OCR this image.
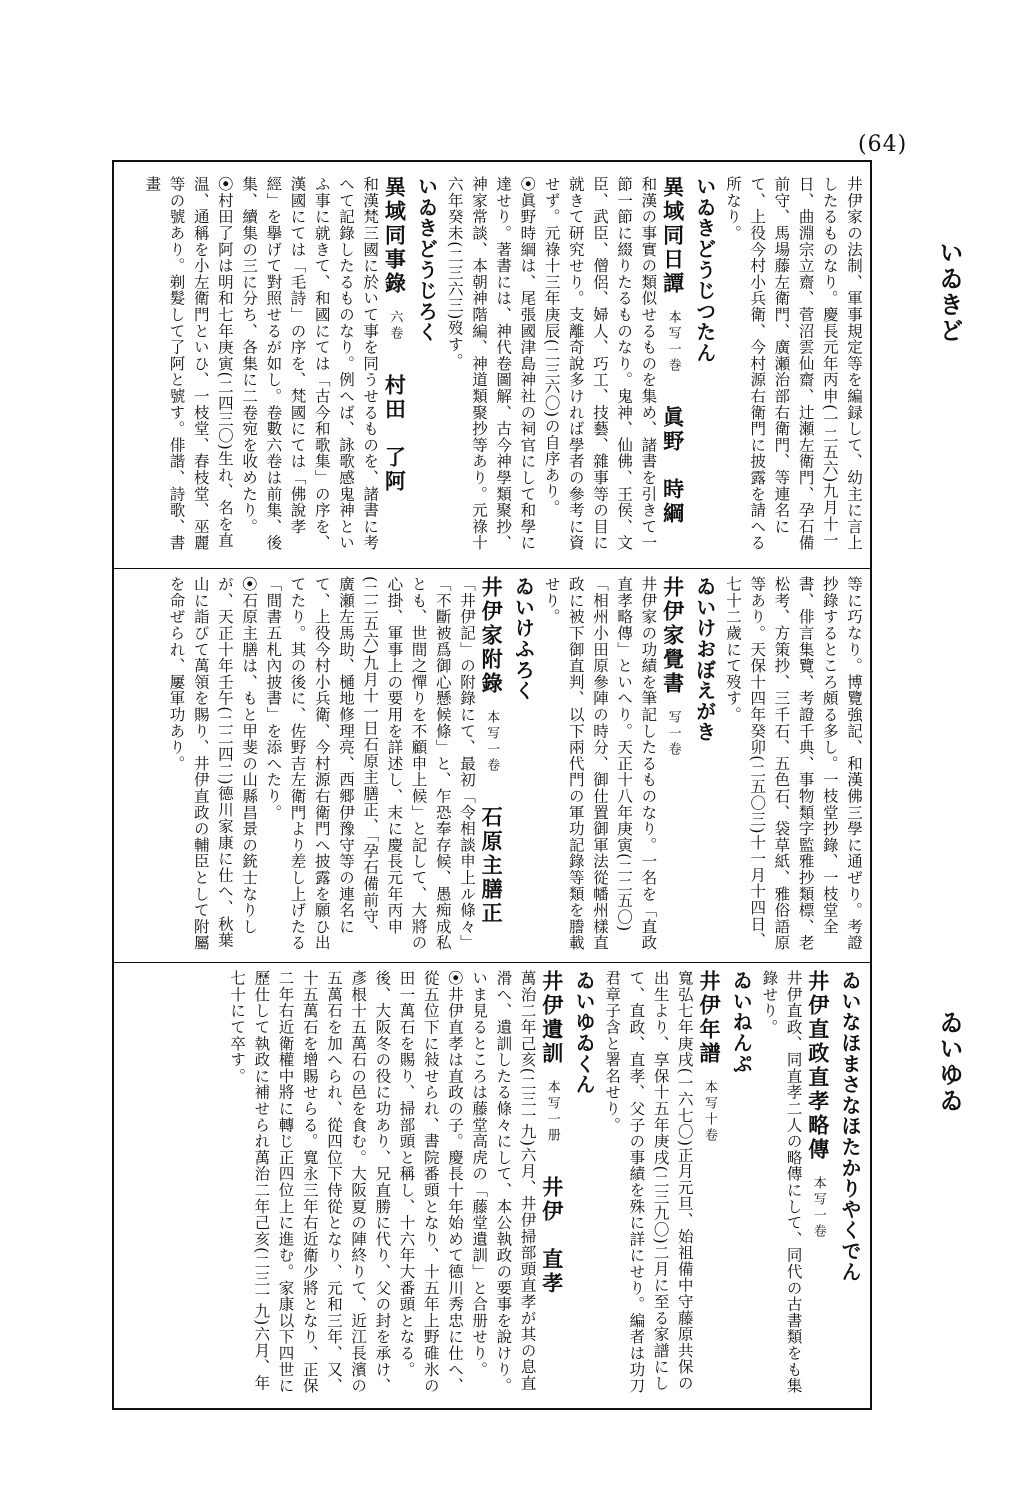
(64)
いゐきど
ゐいゆゐ

井伊家の法制、軍事規定等を編録して、幼主に言上したるものなり。慶長元年丙申(一二五六)九月十一日、曲淵宗立齋、菅沼雲仙齋、辻瀬左衛門、孕石備前守、馬場藤左衛門、廣瀬治部右衛門、等連名にて、上役今村小兵衛、今村源右衛門に披露を請へる所なり。

いゐきどうじつたん

異域同日譚本写一巻眞野　時綱

和漢の事實の類似せるものを集め、諸書を引きて一節一節に綴りたるものなり。鬼神、仙佛、王侯、文臣、武臣、僧侶、婦人、巧工、技藝、雜事等の目に就きて研究せり。支離奇說多ければ學者の參考に資せず。元祿十三年庚辰(二三六〇)の自序あり。

⦿眞野時綱は、尾張國津島神社の祠官にして和學に達せり。著書には、神代卷圖解、古今神學類聚抄、神家常談、本朝神階編、神道類聚抄等あり。元祿十六年癸未(二三六三)歿す。

いゐきどうじろく

異域同事錄六卷村田　了阿

和漢梵三國に於いて事を同うせるものを、諸書に考へて記錄したるものなり。例へば、詠歌感鬼神といふ事に就きて、和國にては「古今和歌集」の序を、漢國にては「毛詩」の序を、梵國にては「佛說孝經」を擧げて對照せるが如し。卷數六卷は前集、後集、續集の三に分ち、各集に二卷宛を收めたり。

⦿村田了阿は明和七年庚寅(二四三〇)生れ、名を直温、通稱を小左衛門といひ、一枝堂、春枝堂、巫麗等の號あり。剃髮して了阿と號す。俳諧、詩歌、書畫

等に巧なり。博覽強記、和漢佛三學に通ぜり。考證抄錄するところ頗る多し。一枝堂抄錄、一枝堂全書、俳言集覽、考證千典、事物類字監雅抄類標、老松考、方策抄、三千石、五色石、袋草紙、雅俗語原等あり。天保十四年癸卯(二五〇三)十一月十四日、七十二歲にて歿す。

ゐいけおぼえがき

井伊家覺書写一卷

井伊家の功績を筆記したるものなり。一名を「直政直孝略傳」といへり。天正十八年庚寅(二二五〇)「相州小田原參陣の時分、御仕置御軍法從幡州樣直政に被下御直判、以下兩代門の軍功記錄等類を謄載せり。

ゐいけふろく

井伊家附錄本写一卷石原主膳正

「井伊記」の附錄にて、最初「令相談申上ル條々」「不斷被爲御心懸候條」と、乍恐奉存候、愚痴成私とも、世間之憚りを不顧申上候」と記して、大將の心掛、軍事上の要用を詳述し、末に慶長元年丙申(二二五六)九月十一日石原主膳正、「孕石備前守、廣瀬左馬助、樋地修理亮、西郷伊豫守等の連名にて、上役今村小兵衛、今村源右衛門へ披露を願ひ出てたり。其の後に、佐野吉左衛門より差し上げたる「間書五札內披書」を添へたり。

⦿石原主膳は、もと甲斐の山縣昌景の銃士なりしが、天正十年壬午(二二四二)德川家康に仕へ、秋葉山に詣びて萬領を賜り、井伊直政の輔臣として附屬を命ぜられ、屢軍功あり。

ゐいなほまさなほたかりやくでん

井伊直政直孝略傳本写一卷

井伊直政、同直孝二人の略傳にして、同代の古書類をも集錄せり。

ゐいねんぷ

井伊年譜本写十卷

寬弘七年庚戌(一六七〇)正月元旦、始祖備中守藤原共保の出生より、享保十五年庚戌(二三九〇)二月に至る家譜にして、直政、直孝、父子の事績を殊に詳にせり。編者は功刀君章子含と署名せり。

ゐいゆゐくん

井伊遺訓本写一册井伊　直孝

萬治二年己亥(二三一九)六月、井伊掃部頭直孝が其の息直滑へ、遺訓したる條々にして、本公執政の要事を說けり。いま見るところは藤堂高虎の「藤堂遺訓」と合册せり。

⦿井伊直孝は直政の子。慶長十年始めて德川秀忠に仕へ、從五位下に敍せられ、書院番頭となり、十五年上野碓氷の田一萬石を賜り、掃部頭と稱し、十六年大番頭となる。後、大阪冬の役に功あり、兄直勝に代り、父の封を承け、彥根十五萬石の邑を食む。大阪夏の陣終りて、近江長濱の五萬石を加へられ、從四位下侍從となり、元和三年、又、十五萬石を增賜せらる。寬永三年右近衛少將となり、正保二年右近衛權中將に轉じ正四位上に進む。家康以下四世に歷仕して執政に補せられ萬治二年己亥(二三一九)六月、年七十にて卒す。
